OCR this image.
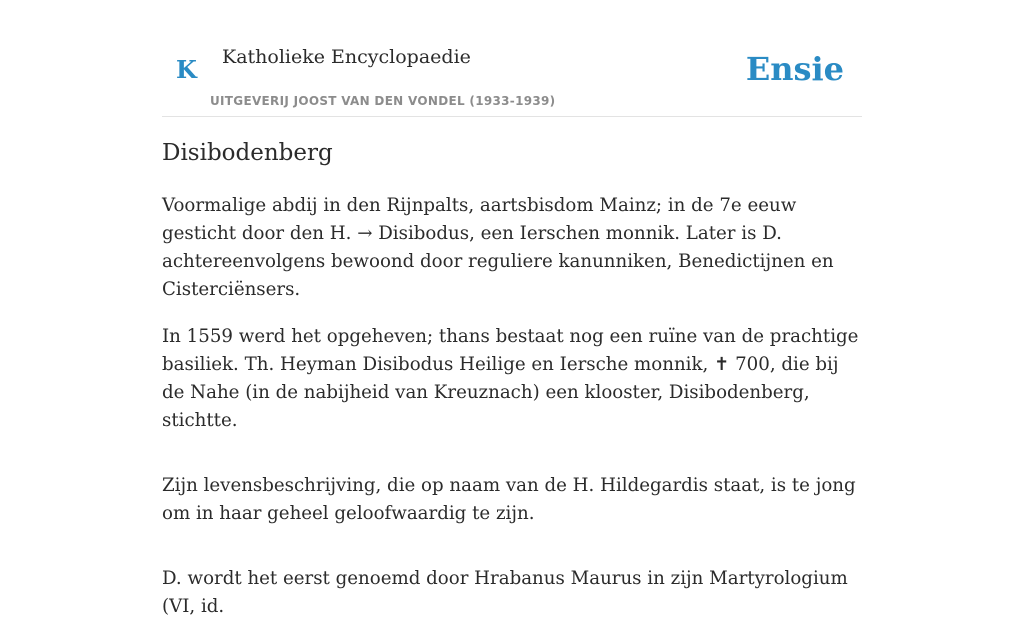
K Katholieke Encyclopaedie
UITGEVERIJ JOOST VAN DEN VONDEL (1933-1939)
Ensie
Disibodenberg

Voormalige abdij in den Rijnpalts, aartsbisdom Mainz; in de 7e eeuw gesticht door den H. → Disibodus, een Ierschen monnik. Later is D. achtereenvolgens bewoond door reguliere kanunniken, Benedictijnen en Cisterciënsers.

In 1559 werd het opgeheven; thans bestaat nog een ruïne van de prachtige basiliek. Th. Heyman Disibodus Heilige en Iersche monnik, ✝ 700, die bij de Nahe (in de nabijheid van Kreuznach) een klooster, Disibodenberg, stichtte.

Zijn levensbeschrijving, die op naam van de H. Hildegardis staat, is te jong om in haar geheel geloofwaardig te zijn.

D. wordt het eerst genoemd door Hrabanus Maurus in zijn Martyrologium (VI, id.
